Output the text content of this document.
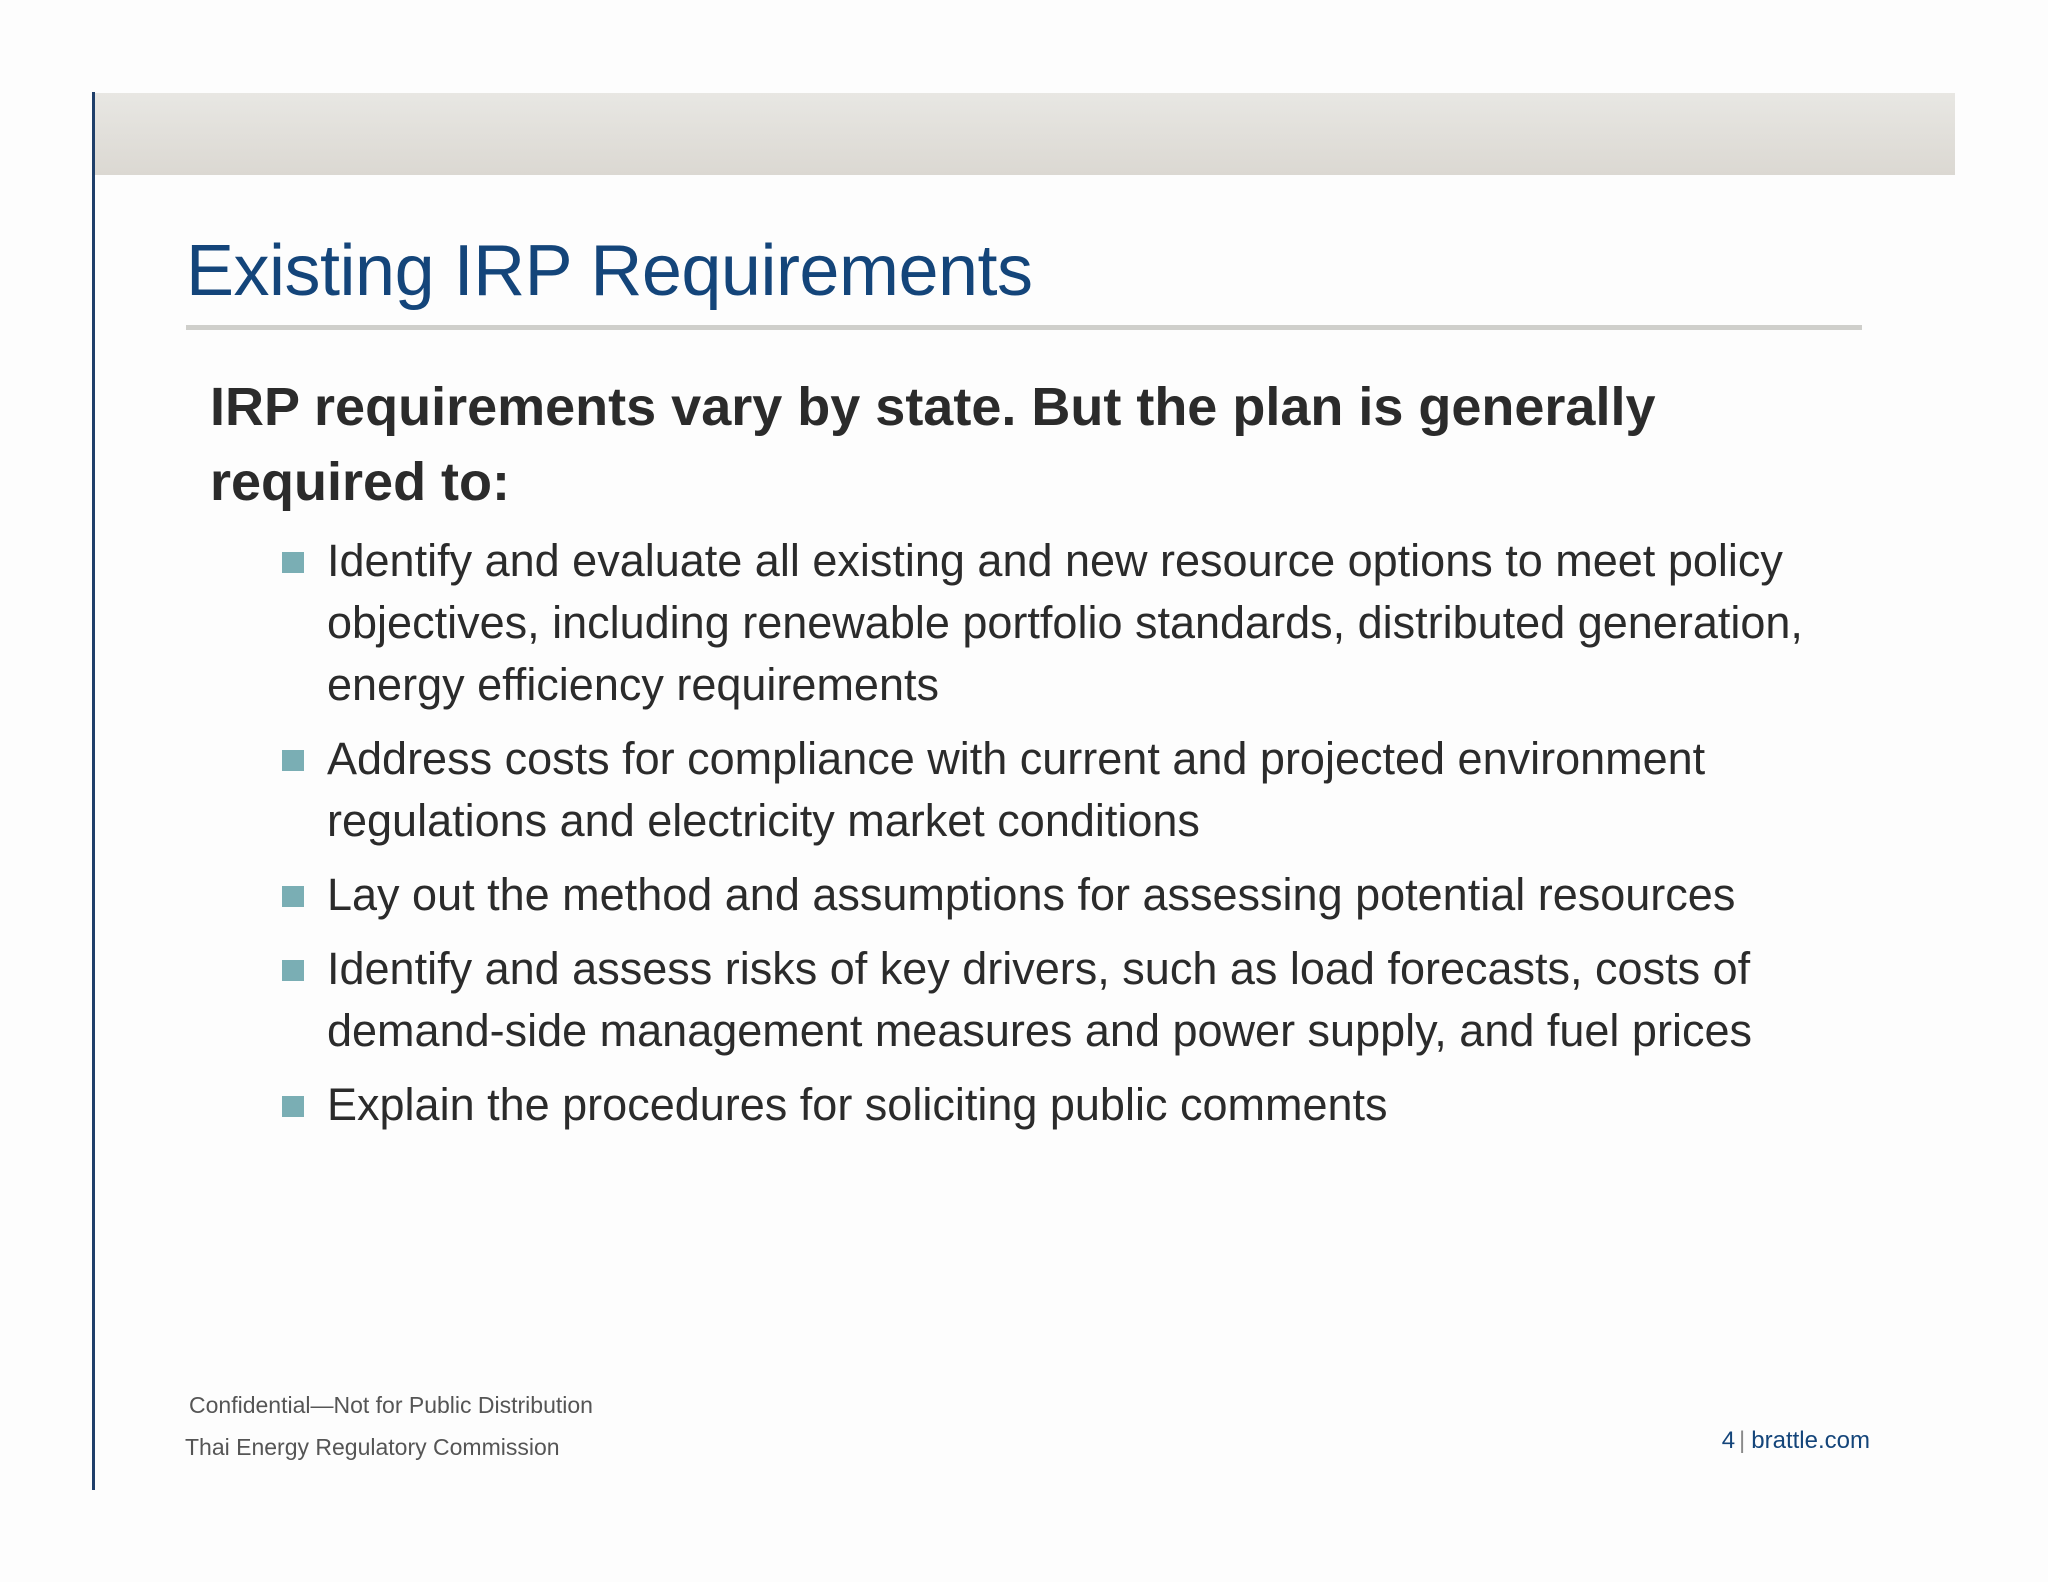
Existing IRP Requirements

IRP requirements vary by state. But the plan is generally required to:

Identify and evaluate all existing and new resource options to meet policy objectives, including renewable portfolio standards, distributed generation, energy efficiency requirements
Address costs for compliance with current and projected environment regulations and electricity market conditions
Lay out the method and assumptions for assessing potential resources
Identify and assess risks of key drivers, such as load forecasts, costs of demand-side management measures and power supply, and fuel prices
Explain the procedures for soliciting public comments
Confidential—Not for Public Distribution
Thai Energy Regulatory Commission	4 | brattle.com
